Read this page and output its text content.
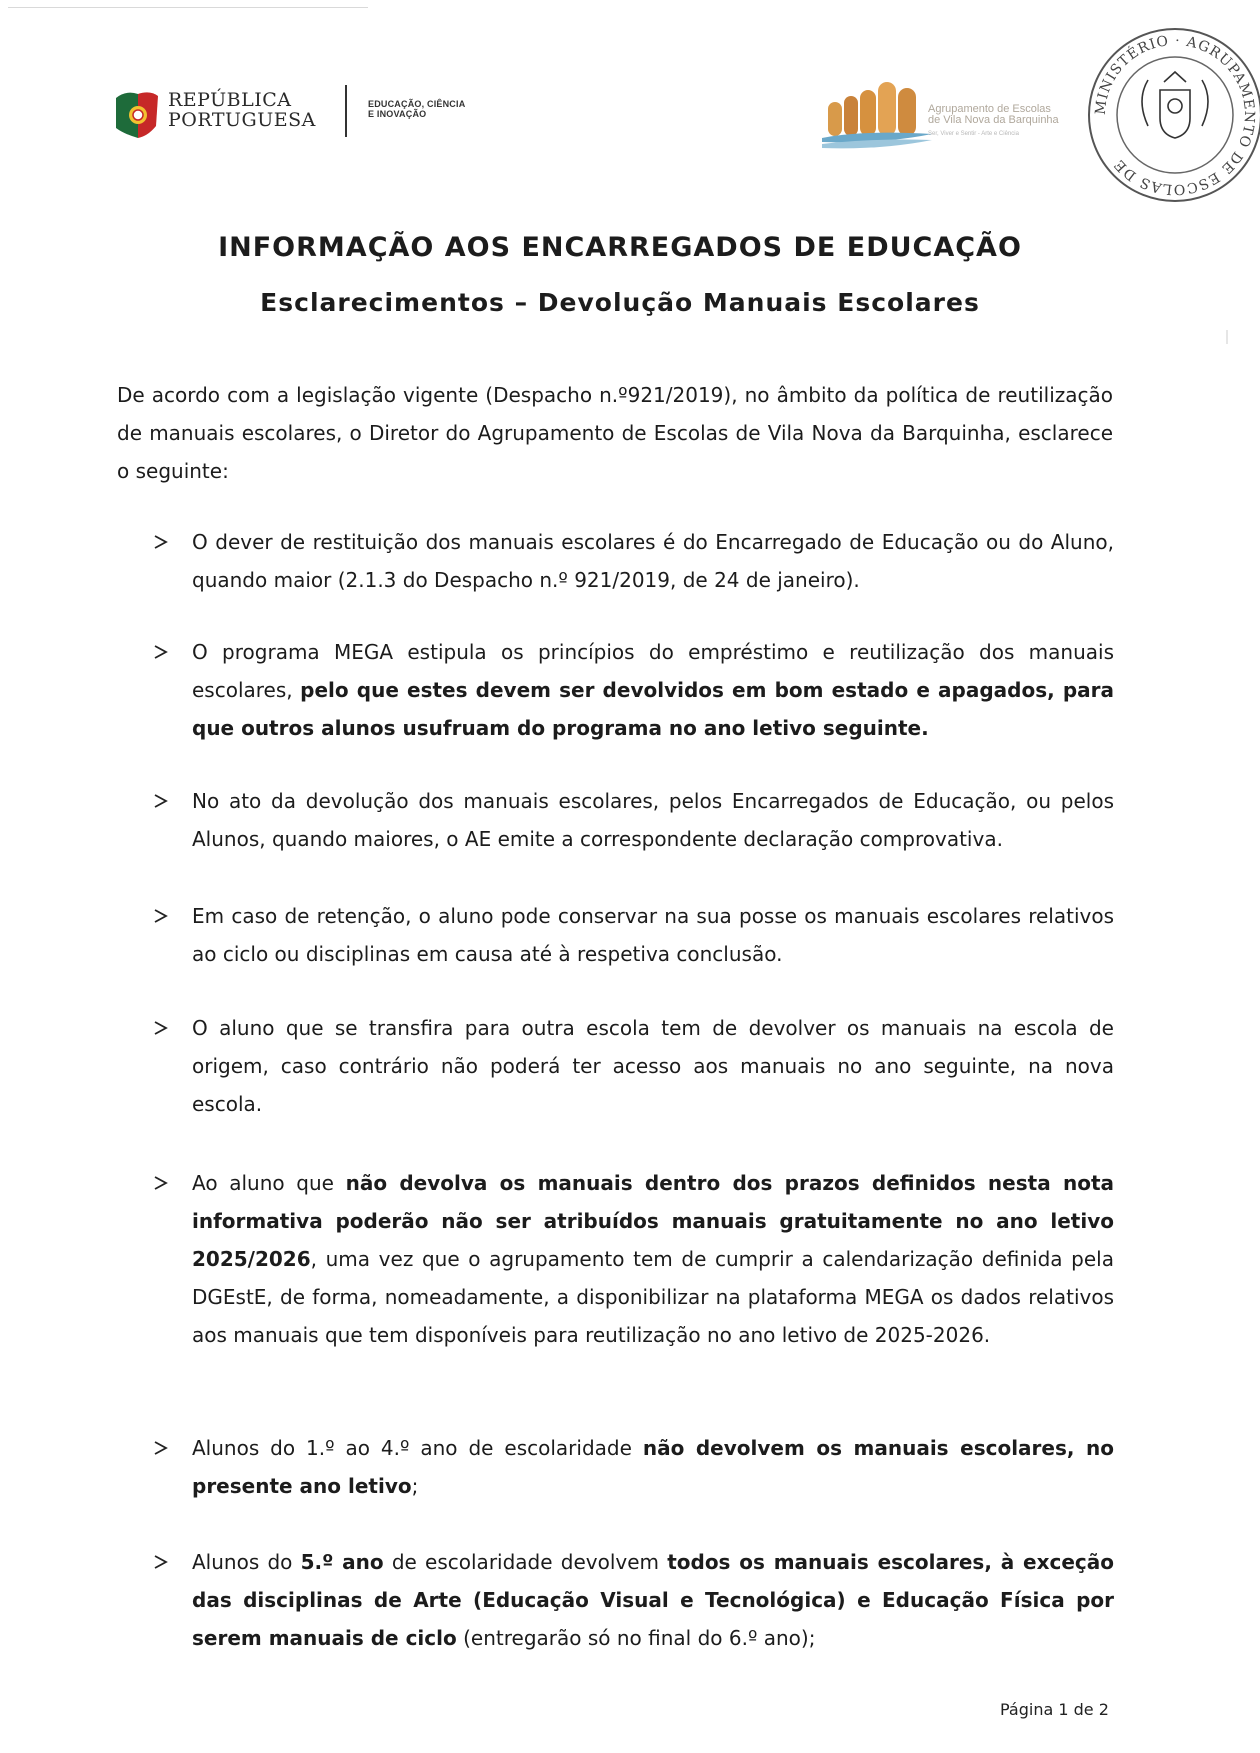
REPÚBLICA
PORTUGUESA
EDUCAÇÃO, CIÊNCIA
E INOVAÇÃO	Agrupamento de Escolas
de Vila Nova da Barquinha
Ser, Viver e Sentir - Arte e Ciência
MINISTÉRIO · AGRUPAMENTO DE ESCOLAS DE
INFORMAÇÃO AOS ENCARREGADOS DE EDUCAÇÃO
Esclarecimentos – Devolução Manuais Escolares
De acordo com a legislação vigente (Despacho n.º921/2019), no âmbito da política de reutilização de manuais escolares, o Diretor do Agrupamento de Escolas de Vila Nova da Barquinha, esclarece o seguinte:
O dever de restituição dos manuais escolares é do Encarregado de Educação ou do Aluno, quando maior (2.1.3 do Despacho n.º 921/2019, de 24 de janeiro).
O programa MEGA estipula os princípios do empréstimo e reutilização dos manuais escolares, pelo que estes devem ser devolvidos em bom estado e apagados, para que outros alunos usufruam do programa no ano letivo seguinte.
No ato da devolução dos manuais escolares, pelos Encarregados de Educação, ou pelos Alunos, quando maiores, o AE emite a correspondente declaração comprovativa.
Em caso de retenção, o aluno pode conservar na sua posse os manuais escolares relativos ao ciclo ou disciplinas em causa até à respetiva conclusão.
O aluno que se transfira para outra escola tem de devolver os manuais na escola de origem, caso contrário não poderá ter acesso aos manuais no ano seguinte, na nova escola.
Ao aluno que não devolva os manuais dentro dos prazos definidos nesta nota informativa poderão não ser atribuídos manuais gratuitamente no ano letivo 2025/2026, uma vez que o agrupamento tem de cumprir a calendarização definida pela DGEstE, de forma, nomeadamente, a disponibilizar na plataforma MEGA os dados relativos aos manuais que tem disponíveis para reutilização no ano letivo de 2025-2026.
Alunos do 1.º ao 4.º ano de escolaridade não devolvem os manuais escolares, no presente ano letivo;
Alunos do 5.º ano de escolaridade devolvem todos os manuais escolares, à exceção das disciplinas de Arte (Educação Visual e Tecnológica) e Educação Física por serem manuais de ciclo (entregarão só no final do 6.º ano);
Página 1 de 2
